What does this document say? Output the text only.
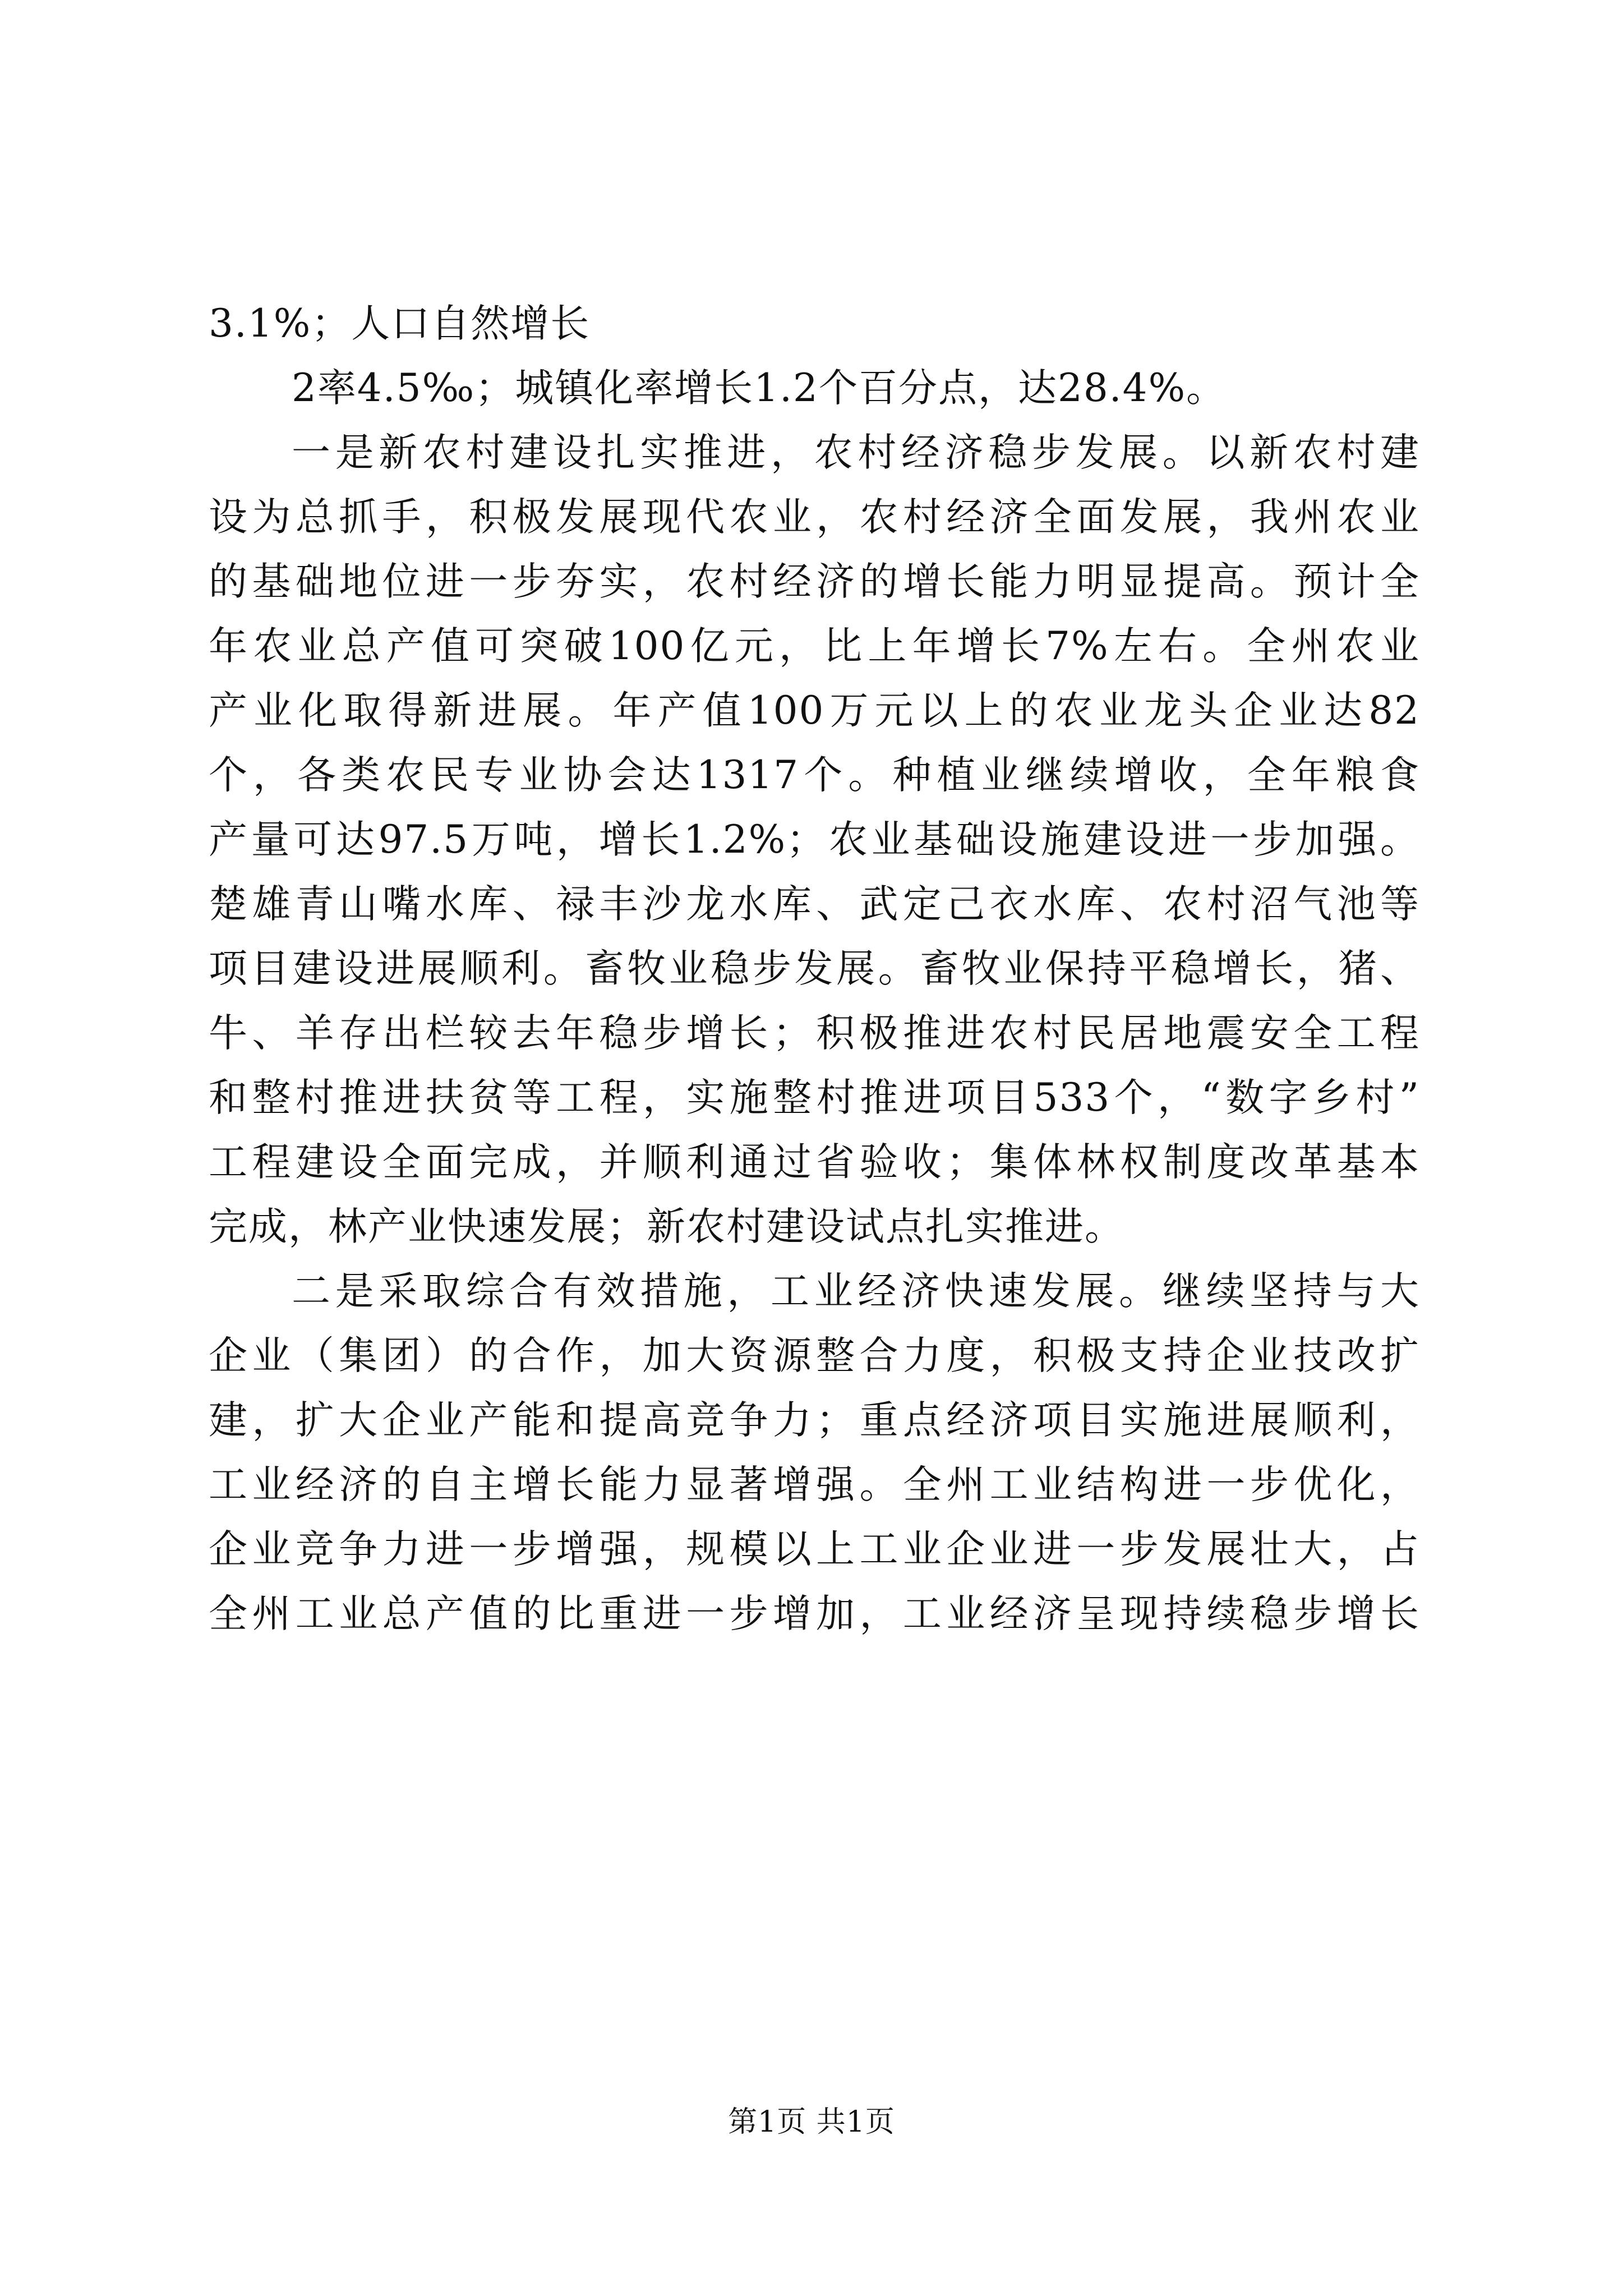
3.1%；人口自然增长
2率4.5‰；城镇化率增长1.2个百分点，达28.4%。
一是新农村建设扎实推进，农村经济稳步发展。以新农村建
设为总抓手，积极发展现代农业，农村经济全面发展，我州农业
的基础地位进一步夯实，农村经济的增长能力明显提高。预计全
年农业总产值可突破100亿元，比上年增长7%左右。全州农业
产业化取得新进展。年产值100万元以上的农业龙头企业达82
个，各类农民专业协会达1317个。种植业继续增收，全年粮食
产量可达97.5万吨，增长1.2%；农业基础设施建设进一步加强。
楚雄青山嘴水库、禄丰沙龙水库、武定己衣水库、农村沼气池等
项目建设进展顺利。畜牧业稳步发展。畜牧业保持平稳增长，猪、
牛、羊存出栏较去年稳步增长；积极推进农村民居地震安全工程
和整村推进扶贫等工程，实施整村推进项目533个，“数字乡村”
工程建设全面完成，并顺利通过省验收；集体林权制度改革基本
完成，林产业快速发展；新农村建设试点扎实推进。
二是采取综合有效措施，工业经济快速发展。继续坚持与大
企业（集团）的合作，加大资源整合力度，积极支持企业技改扩
建，扩大企业产能和提高竞争力；重点经济项目实施进展顺利，
工业经济的自主增长能力显著增强。全州工业结构进一步优化，
企业竞争力进一步增强，规模以上工业企业进一步发展壮大，占
全州工业总产值的比重进一步增加，工业经济呈现持续稳步增长
第1页 共1页
